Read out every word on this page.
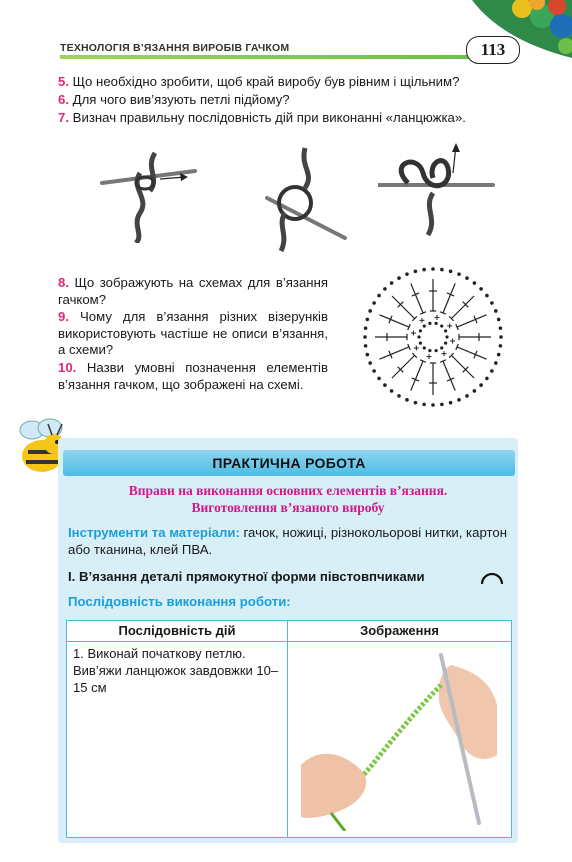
ТЕХНОЛОГІЯ В’ЯЗАННЯ ВИРОБІВ ГАЧКОМ	113
5. Що необхідно зробити, щоб край виробу був рівним і щільним?
6. Для чого вив’язують петлі підйому?
7. Визнач правильну послідовність дій при виконанні «ланцюжка».
8. Що зображують на схемах для в’язання гачком?
9. Чому для в’язання різних візерунків використовують частіше не описи в’язання, а схеми?
10. Назви умовні позначення елементів в’язання гачком, що зображені на схемі.
ПРАКТИЧНА РОБОТА
Вправи на виконання основних елементів в’язання.
Виготовлення в’язаного виробу
Інструменти та матеріали: гачок, ножиці, різнокольорові нитки, картон або тканина, клей ПВА.
І. В’язання деталі прямокутної форми півстовпчиками
Послідовність виконання роботи:
Послідовність дій	Зображення
1. Виконай початкову петлю.
Вив’яжи ланцюжок завдовжки 10–15 см
